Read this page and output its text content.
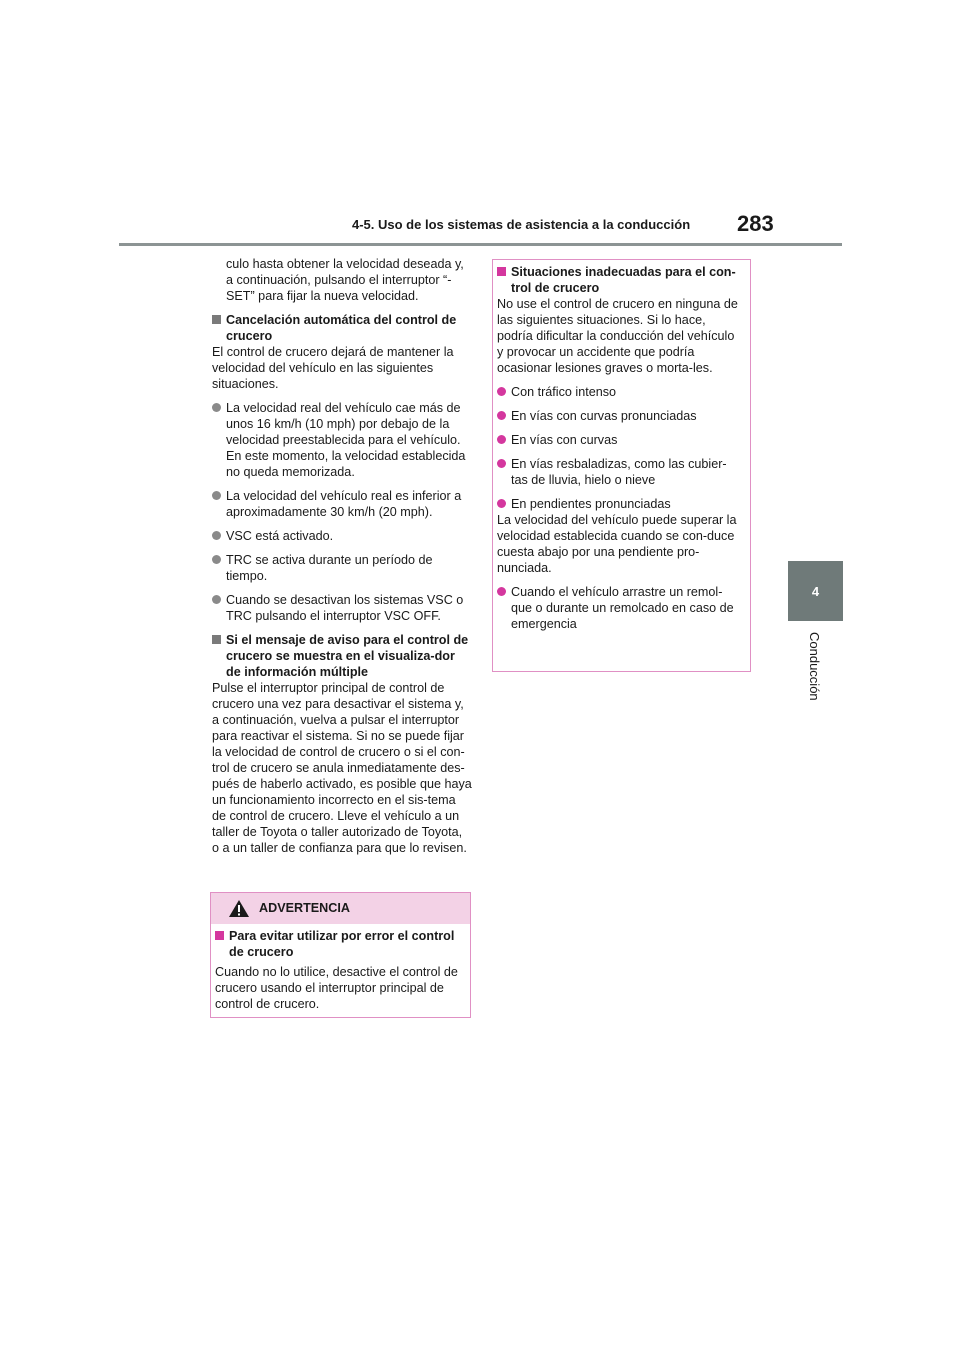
4-5. Uso de los sistemas de asistencia a la conducción 283
4
Conducción

culo hasta obtener la velocidad deseada y, a continuación, pulsando el interruptor “-SET” para fijar la nueva velocidad.

Cancelación automática del control de crucero

El control de crucero dejará de mantener la velocidad del vehículo en las siguientes situaciones.

La velocidad real del vehículo cae más de unos 16 km/h (10 mph) por debajo de la velocidad preestablecida para el vehículo. En este momento, la velocidad establecida no queda memorizada.

La velocidad del vehículo real es inferior a aproximadamente 30 km/h (20 mph).

VSC está activado.

TRC se activa durante un período de tiempo.

Cuando se desactivan los sistemas VSC o TRC pulsando el interruptor VSC OFF.

Si el mensaje de aviso para el control de crucero se muestra en el visualiza-dor de información múltiple

Pulse el interruptor principal de control de crucero una vez para desactivar el sistema y, a continuación, vuelva a pulsar el interruptor para reactivar el sistema. Si no se puede fijar la velocidad de control de crucero o si el con-trol de crucero se anula inmediatamente des-pués de haberlo activado, es posible que haya un funcionamiento incorrecto en el sis-tema de control de crucero. Lleve el vehículo a un taller de Toyota o taller autorizado de Toyota, o a un taller de confianza para que lo revisen.

ADVERTENCIA

Para evitar utilizar por error el control de crucero

Cuando no lo utilice, desactive el control de crucero usando el interruptor principal de control de crucero.

Situaciones inadecuadas para el con-trol de crucero

No use el control de crucero en ninguna de las siguientes situaciones. Si lo hace, podría dificultar la conducción del vehículo y provocar un accidente que podría ocasionar lesiones graves o morta-les.

Con tráfico intenso

En vías con curvas pronunciadas

En vías con curvas

En vías resbaladizas, como las cubier-tas de lluvia, hielo o nieve

En pendientes pronunciadas

La velocidad del vehículo puede superar la velocidad establecida cuando se con-duce cuesta abajo por una pendiente pro-nunciada.

Cuando el vehículo arrastre un remol-que o durante un remolcado en caso de emergencia
